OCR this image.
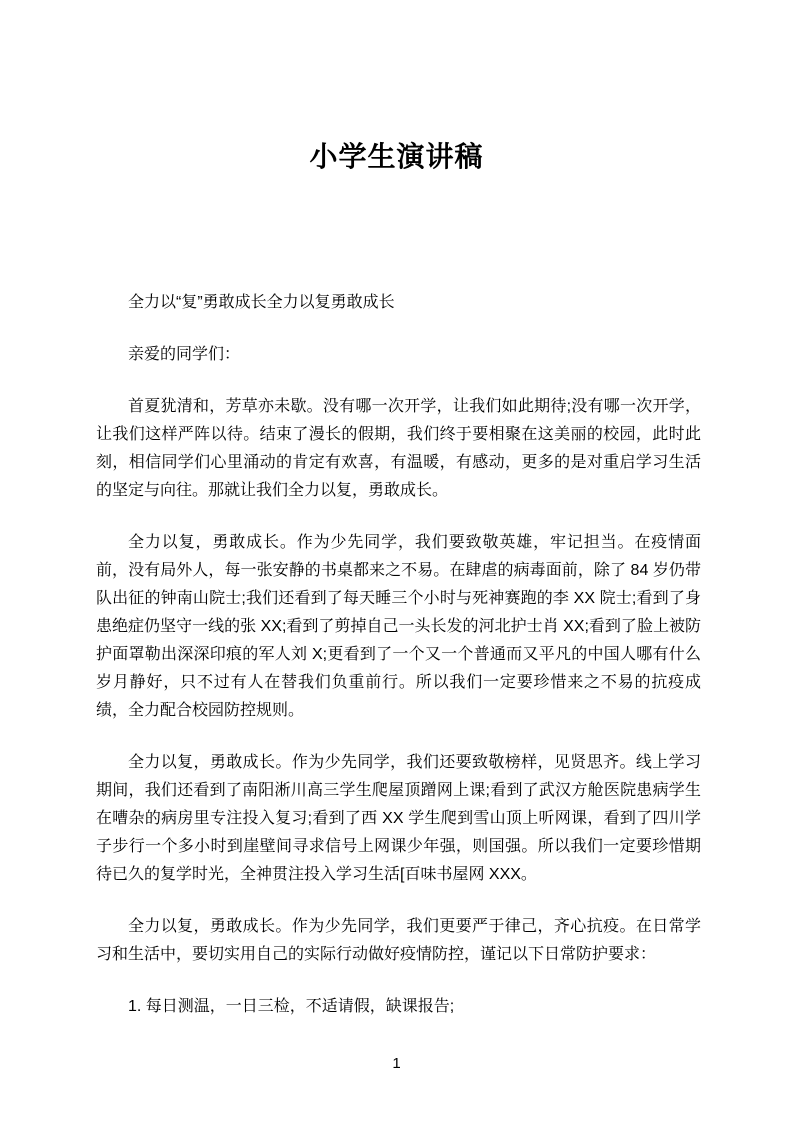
小学生演讲稿

全力以“复”勇敢成长全力以复勇敢成长

亲爱的同学们：

首夏犹清和，芳草亦未歇。没有哪一次开学，让我们如此期待;没有哪一次开学，让我们这样严阵以待。结束了漫长的假期，我们终于要相聚在这美丽的校园，此时此刻，相信同学们心里涌动的肯定有欢喜，有温暖，有感动，更多的是对重启学习生活的坚定与向往。那就让我们全力以复，勇敢成长。

全力以复，勇敢成长。作为少先同学，我们要致敬英雄，牢记担当。在疫情面前，没有局外人，每一张安静的书桌都来之不易。在肆虐的病毒面前，除了 84 岁仍带队出征的钟南山院士;我们还看到了每天睡三个小时与死神赛跑的李 XX 院士;看到了身患绝症仍坚守一线的张 XX;看到了剪掉自己一头长发的河北护士肖 XX;看到了脸上被防护面罩勒出深深印痕的军人刘 X;更看到了一个又一个普通而又平凡的中国人哪有什么岁月静好，只不过有人在替我们负重前行。所以我们一定要珍惜来之不易的抗疫成绩，全力配合校园防控规则。

全力以复，勇敢成长。作为少先同学，我们还要致敬榜样，见贤思齐。线上学习期间，我们还看到了南阳淅川高三学生爬屋顶蹭网上课;看到了武汉方舱医院患病学生在嘈杂的病房里专注投入复习;看到了西 XX 学生爬到雪山顶上听网课，看到了四川学子步行一个多小时到崖壁间寻求信号上网课少年强，则国强。所以我们一定要珍惜期待已久的复学时光，全神贯注投入学习生活[百味书屋网 XXX。

全力以复，勇敢成长。作为少先同学，我们更要严于律己，齐心抗疫。在日常学习和生活中，要切实用自己的实际行动做好疫情防控，谨记以下日常防护要求：

1. 每日测温，一日三检，不适请假，缺课报告;

1
